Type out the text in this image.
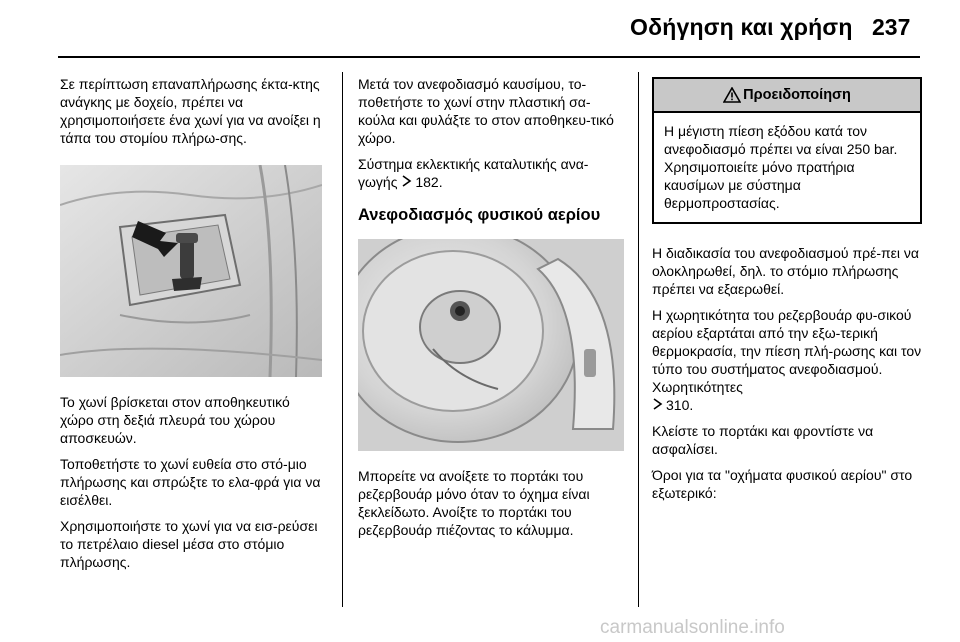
Οδήγηση και χρήση 237

Σε περίπτωση επαναπλήρωσης έκτα-κτης ανάγκης με δοχείο, πρέπει να χρησιμοποιήσετε ένα χωνί για να ανοίξει η τάπα του στομίου πλήρω-σης.

Το χωνί βρίσκεται στον αποθηκευτικό χώρο στη δεξιά πλευρά του χώρου αποσκευών.

Τοποθετήστε το χωνί ευθεία στο στό-μιο πλήρωσης και σπρώξτε το ελα-φρά για να εισέλθει.

Χρησιμοποιήστε το χωνί για να εισ-ρεύσει το πετρέλαιο diesel μέσα στο στόμιο πλήρωσης.

Μετά τον ανεφοδιασμό καυσίμου, το-ποθετήστε το χωνί στην πλαστική σα-κούλα και φυλάξτε το στον αποθηκευ-τικό χώρο.

Σύστημα εκλεκτικής καταλυτικής ανα-γωγής 182.

Ανεφοδιασμός φυσικού αερίου

Μπορείτε να ανοίξετε το πορτάκι του ρεζερβουάρ μόνο όταν το όχημα είναι ξεκλείδωτο. Ανοίξτε το πορτάκι του ρεζερβουάρ πιέζοντας το κάλυμμα.

Προειδοποίηση
Η μέγιστη πίεση εξόδου κατά τον ανεφοδιασμό πρέπει να είναι 250 bar. Χρησιμοποιείτε μόνο πρατήρια καυσίμων με σύστημα θερμοπροστασίας.

Η διαδικασία του ανεφοδιασμού πρέ-πει να ολοκληρωθεί, δηλ. το στόμιο πλήρωσης πρέπει να εξαερωθεί.

Η χωρητικότητα του ρεζερβουάρ φυ-σικού αερίου εξαρτάται από την εξω-τερική θερμοκρασία, την πίεση πλή-ρωσης και τον τύπο του συστήματος ανεφοδιασμού. Χωρητικότητες
310.

Κλείστε το πορτάκι και φροντίστε να ασφαλίσει.

Όροι για τα "οχήματα φυσικού αερίου" στο εξωτερικό:

carmanualsonline.info
